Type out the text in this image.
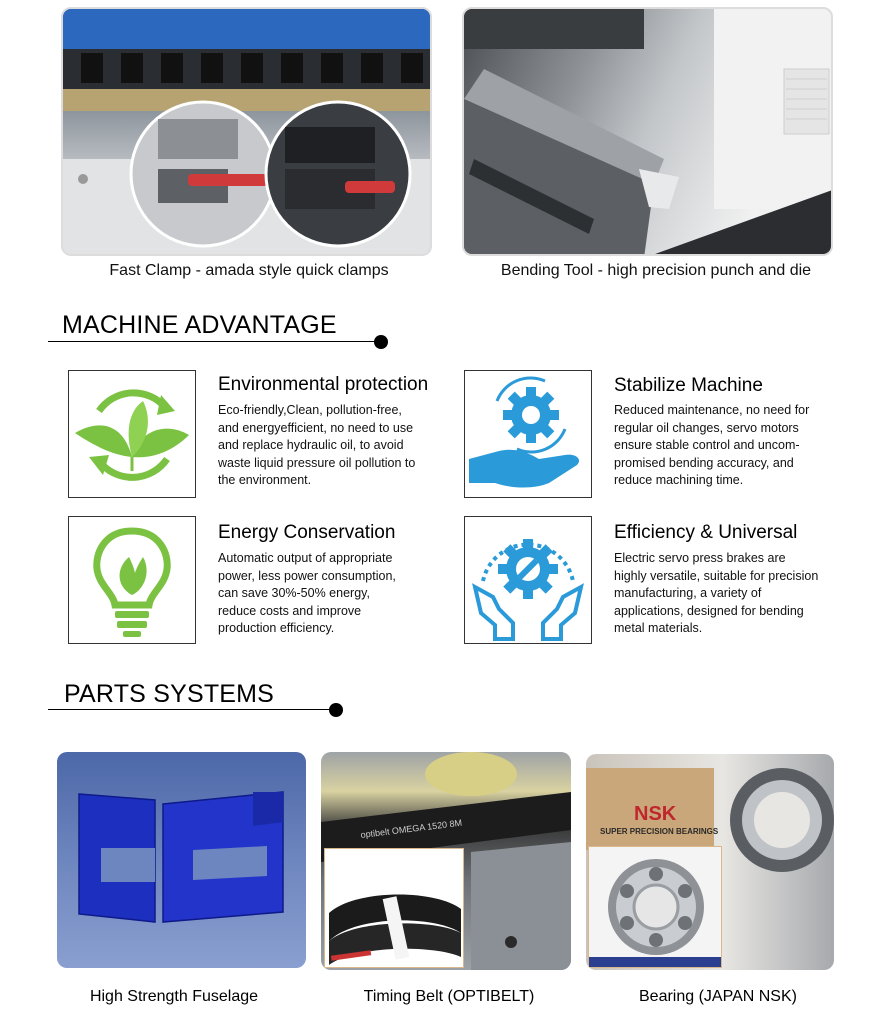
Fast Clamp - amada style quick clamps	Bending Tool - high precision punch and die
MACHINE ADVANTAGE
Environmental protection
Eco-friendly,Clean, pollution-free,
and energyefficient, no need to use
and replace hydraulic oil, to avoid
waste liquid pressure oil pollution to
the environment.
Stabilize Machine
Reduced maintenance, no need for
regular oil changes, servo motors
ensure stable control and uncom-
promised bending accuracy, and
reduce machining time.
Energy Conservation
Automatic output of appropriate
power, less power consumption,
can save 30%-50% energy,
reduce costs and improve
production efficiency.
Efficiency & Universal
Electric servo press brakes are
highly versatile, suitable for precision
manufacturing, a variety of
applications, designed for bending
metal materials.
PARTS SYSTEMS
High Strength Fuselage
optibelt OMEGA 1520 8M
Timing Belt (OPTIBELT)
NSK
SUPER PRECISION BEARINGS
Bearing (JAPAN NSK)
